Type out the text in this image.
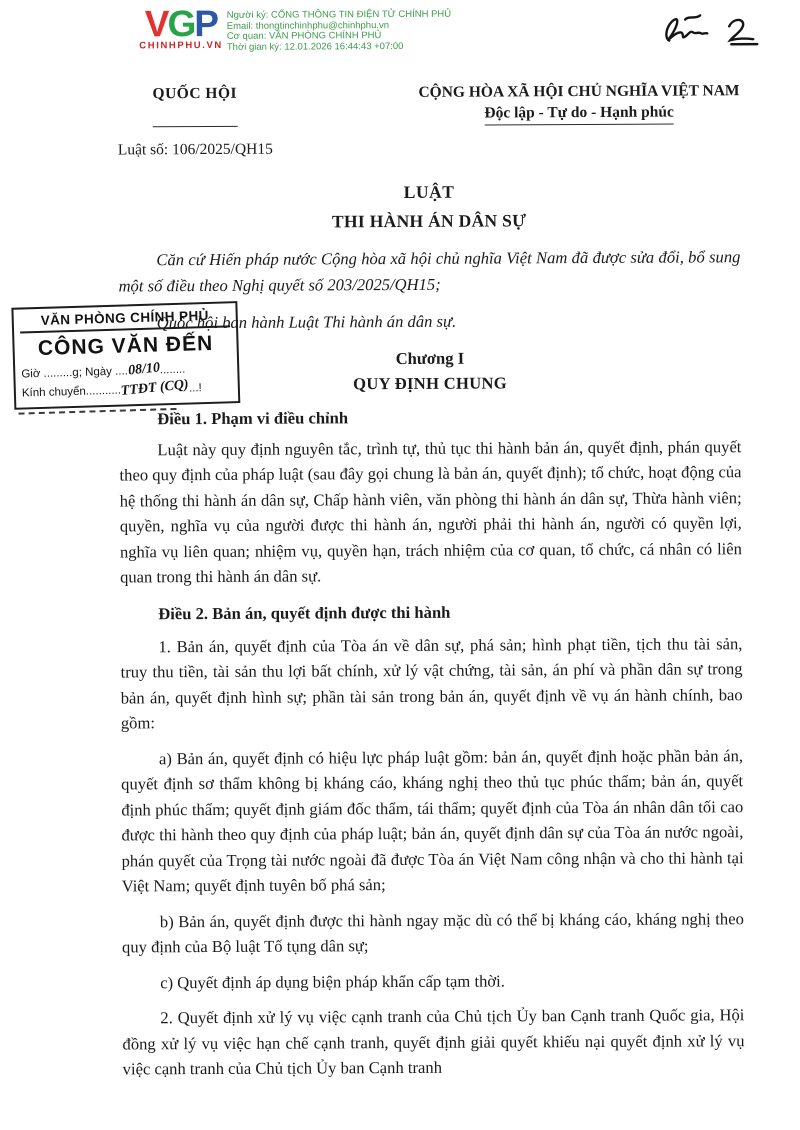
VGP
CHINHPHU.VN
Người ký: CỔNG THÔNG TIN ĐIỆN TỬ CHÍNH PHỦ
Email: thongtinchinhphu@chinhphu.vn
Cơ quan: VĂN PHÒNG CHÍNH PHỦ
Thời gian ký: 12.01.2026 16:44:43 +07:00
QUỐC HỘI	CỘNG HÒA XÃ HỘI CHỦ NGHĨA VIỆT NAM
Độc lập - Tự do - Hạnh phúc
Luật số: 106/2025/QH15
LUẬT
THI HÀNH ÁN DÂN SỰ

Căn cứ Hiến pháp nước Cộng hòa xã hội chủ nghĩa Việt Nam đã được sửa đổi, bổ sung một số điều theo Nghị quyết số 203/2025/QH15;

Quốc hội ban hành Luật Thi hành án dân sự.

Chương I
QUY ĐỊNH CHUNG
Điều 1. Phạm vi điều chỉnh

Luật này quy định nguyên tắc, trình tự, thủ tục thi hành bản án, quyết định, phán quyết theo quy định của pháp luật (sau đây gọi chung là bản án, quyết định); tổ chức, hoạt động của hệ thống thi hành án dân sự, Chấp hành viên, văn phòng thi hành án dân sự, Thừa hành viên; quyền, nghĩa vụ của người được thi hành án, người phải thi hành án, người có quyền lợi, nghĩa vụ liên quan; nhiệm vụ, quyền hạn, trách nhiệm của cơ quan, tổ chức, cá nhân có liên quan trong thi hành án dân sự.

Điều 2. Bản án, quyết định được thi hành

1. Bản án, quyết định của Tòa án về dân sự, phá sản; hình phạt tiền, tịch thu tài sản, truy thu tiền, tài sản thu lợi bất chính, xử lý vật chứng, tài sản, án phí và phần dân sự trong bản án, quyết định hình sự; phần tài sản trong bản án, quyết định về vụ án hành chính, bao gồm:

a) Bản án, quyết định có hiệu lực pháp luật gồm: bản án, quyết định hoặc phần bản án, quyết định sơ thẩm không bị kháng cáo, kháng nghị theo thủ tục phúc thẩm; bản án, quyết định phúc thẩm; quyết định giám đốc thẩm, tái thẩm; quyết định của Tòa án nhân dân tối cao được thi hành theo quy định của pháp luật; bản án, quyết định dân sự của Tòa án nước ngoài, phán quyết của Trọng tài nước ngoài đã được Tòa án Việt Nam công nhận và cho thi hành tại Việt Nam; quyết định tuyên bố phá sản;

b) Bản án, quyết định được thi hành ngay mặc dù có thể bị kháng cáo, kháng nghị theo quy định của Bộ luật Tố tụng dân sự;

c) Quyết định áp dụng biện pháp khẩn cấp tạm thời.

2. Quyết định xử lý vụ việc cạnh tranh của Chủ tịch Ủy ban Cạnh tranh Quốc gia, Hội đồng xử lý vụ việc hạn chế cạnh tranh, quyết định giải quyết khiếu nại quyết định xử lý vụ việc cạnh tranh của Chủ tịch Ủy ban Cạnh tranh

VĂN PHÒNG CHÍNH PHỦ
CÔNG VĂN ĐẾN
Giờ .........g; Ngày ....08/10........
Kính chuyển...........TTĐT (CQ)...!
